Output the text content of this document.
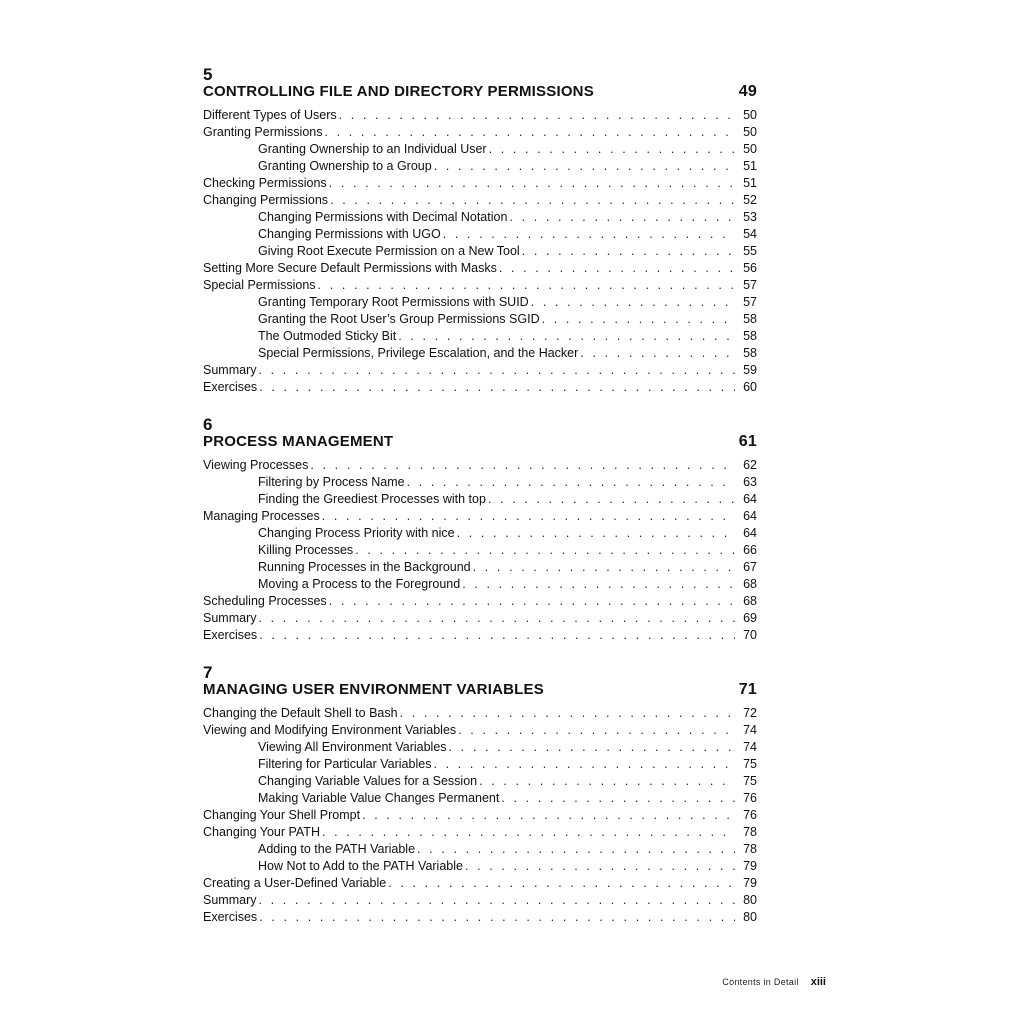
5
CONTROLLING FILE AND DIRECTORY PERMISSIONS	49
Different Types of Users . . .	50
Granting Permissions . . .	50
Granting Ownership to an Individual User . . .	50
Granting Ownership to a Group . . .	51
Checking Permissions . . .	51
Changing Permissions . . .	52
Changing Permissions with Decimal Notation . . .	53
Changing Permissions with UGO . . .	54
Giving Root Execute Permission on a New Tool . . .	55
Setting More Secure Default Permissions with Masks . . .	56
Special Permissions . . .	57
Granting Temporary Root Permissions with SUID . . .	57
Granting the Root User’s Group Permissions SGID . . .	58
The Outmoded Sticky Bit . . .	58
Special Permissions, Privilege Escalation, and the Hacker . . .	58
Summary . . .	59
Exercises . . .	60
6
PROCESS MANAGEMENT	61
Viewing Processes . . .	62
Filtering by Process Name . . .	63
Finding the Greediest Processes with top . . .	64
Managing Processes . . .	64
Changing Process Priority with nice . . .	64
Killing Processes . . .	66
Running Processes in the Background . . .	67
Moving a Process to the Foreground . . .	68
Scheduling Processes . . .	68
Summary . . .	69
Exercises . . .	70
7
MANAGING USER ENVIRONMENT VARIABLES	71
Changing the Default Shell to Bash . . .	72
Viewing and Modifying Environment Variables . . .	74
Viewing All Environment Variables . . .	74
Filtering for Particular Variables . . .	75
Changing Variable Values for a Session . . .	75
Making Variable Value Changes Permanent . . .	76
Changing Your Shell Prompt . . .	76
Changing Your PATH . . .	78
Adding to the PATH Variable . . .	78
How Not to Add to the PATH Variable . . .	79
Creating a User-Defined Variable . . .	79
Summary . . .	80
Exercises . . .	80
Contents in Detail xiii
